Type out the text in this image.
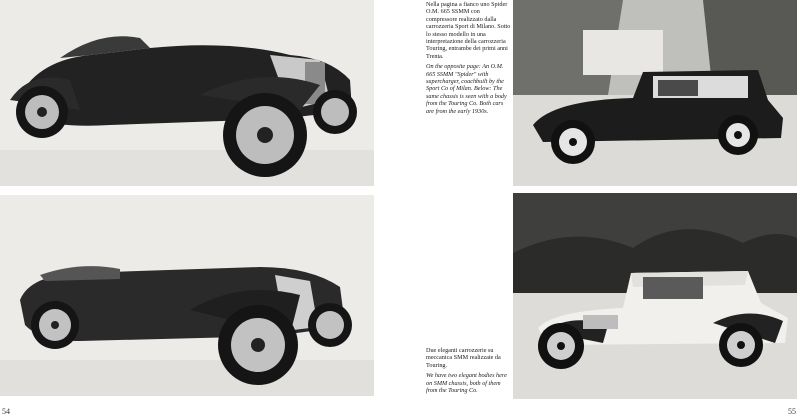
Nella pagina a fianco uno Spider O.M. 665 SSMM con compressore realizzato dalla carrozzeria Sport di Milano. Sotto lo stesso modello in una interpretazione della carrozzeria Touring, entrambe dei primi anni Trenta.

On the opposite page: An O.M. 665 SSMM "Spider" with supercharger, coachbuilt by the Sport Co of Milan. Below: The same chassis is seen with a body from the Touring Co. Both cars are from the early 1930s.

Due eleganti carrozzerie su meccanica SMM realizzate da Touring.

We have two elegant bodies here on SMM chassis, both of them from the Touring Co.

54	55
